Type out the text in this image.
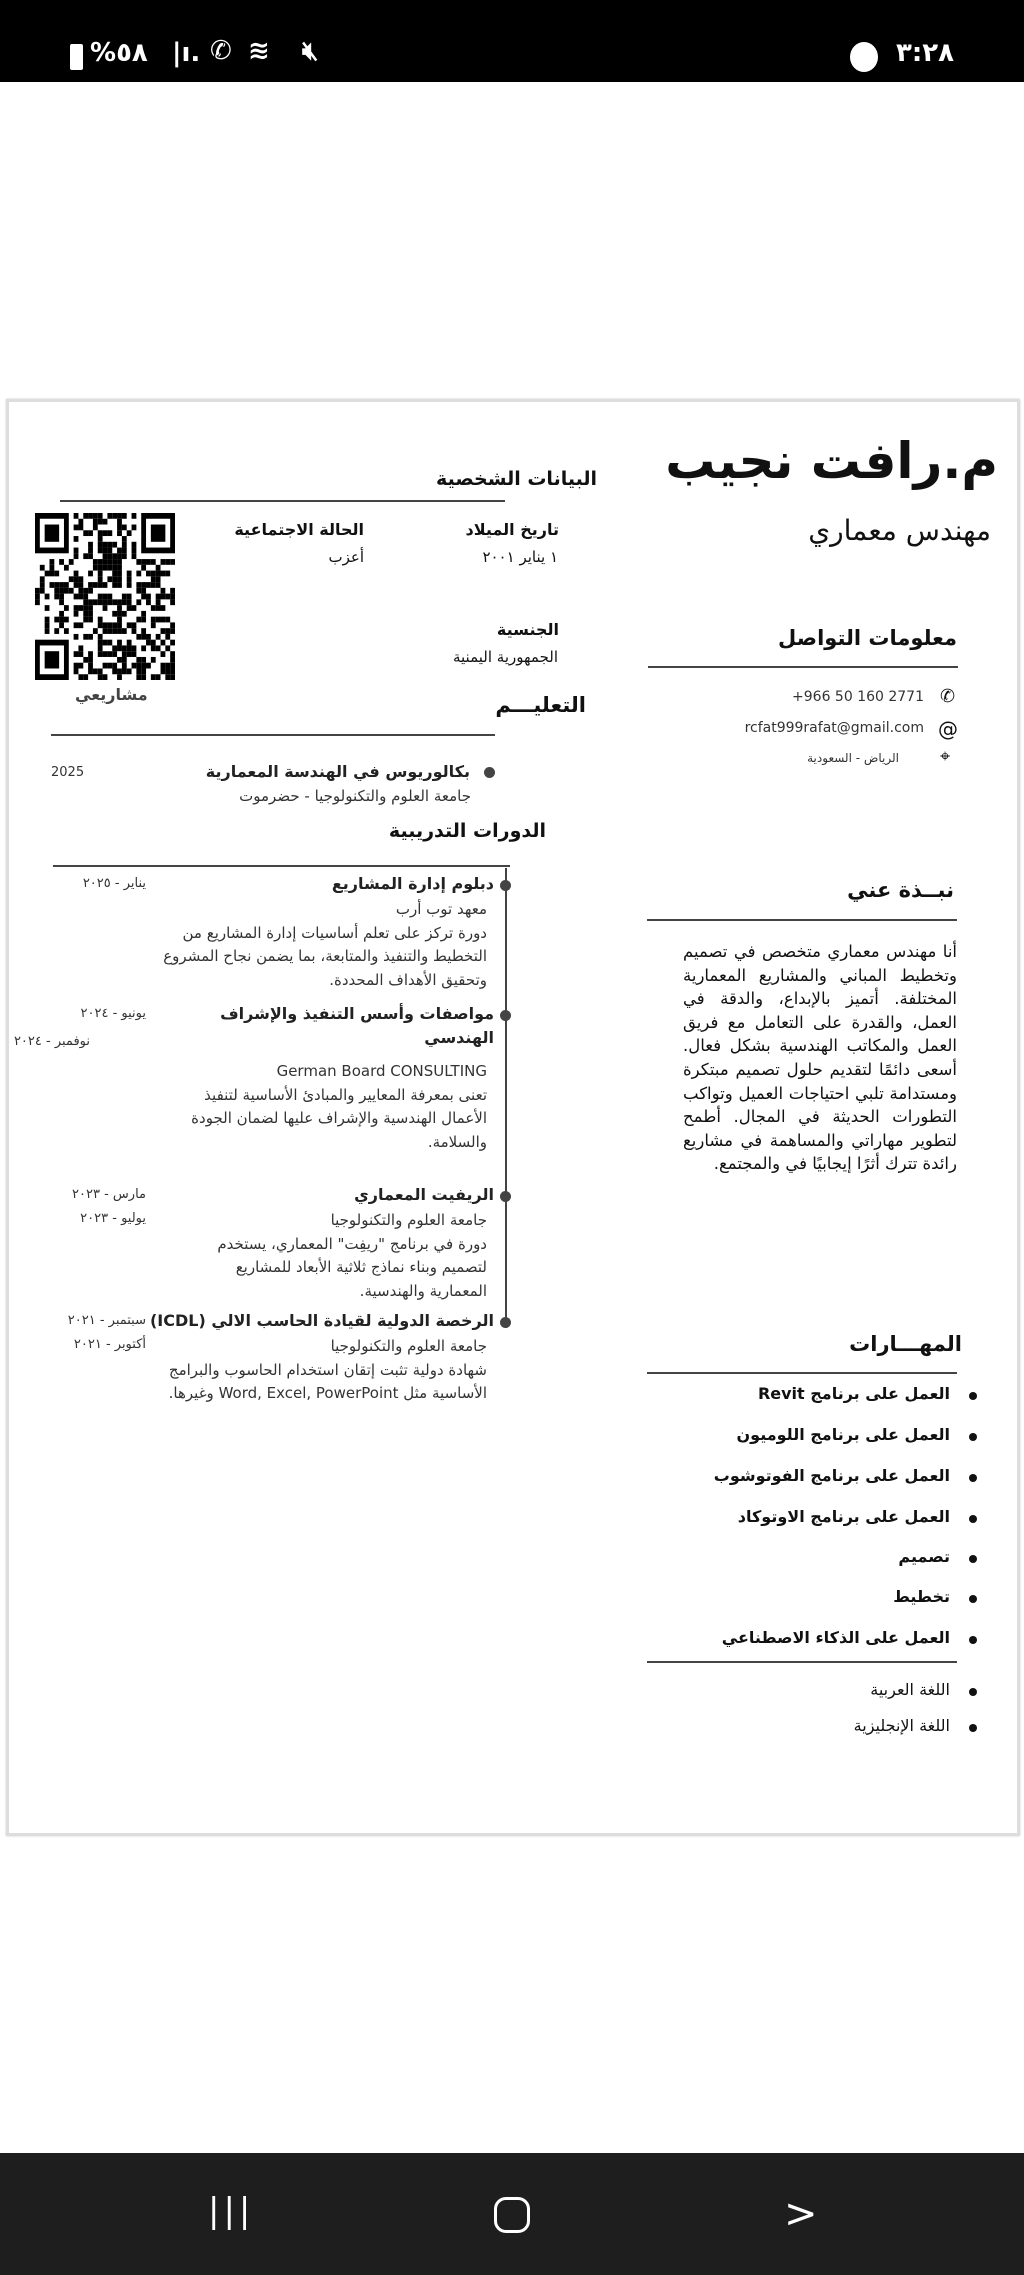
%٥٨ |ı. ✆ ≋ 🔇︎	٣:٢٨
م.رافت نجيب
مهندس معماري
معلومات التواصل
✆
+966 50 160 2771
@
rcfat999rafat@gmail.com
⌖
الرياض - السعودية
نبــذة عني
أنا مهندس معماري متخصص في تصميم وتخطيط المباني والمشاريع المعمارية المختلفة. أتميز بالإبداع، والدقة في العمل، والقدرة على التعامل مع فريق العمل والمكاتب الهندسية بشكل فعال. أسعى دائمًا لتقديم حلول تصميم مبتكرة ومستدامة تلبي احتياجات العميل وتواكب التطورات الحديثة في المجال. أطمح لتطوير مهاراتي والمساهمة في مشاريع رائدة تترك أثرًا إيجابيًا في والمجتمع.
المهـــارات
العمل على برنامج Revit
العمل على برنامج اللوميون
العمل على برنامج الفوتوشوب
العمل على برنامج الاوتوكاد
تصميم
تخطيط
العمل على الذكاء الاصطناعي
اللغة العربية
اللغة الإنجليزية
البيانات الشخصية
مشاريعي
تاريخ الميلاد
١ يناير ٢٠٠١
الحالة الاجتماعية
أعزب
الجنسية
الجمهورية اليمنية
التعليـــم
بكالوريوس في الهندسة المعمارية
جامعة العلوم والتكنولوجيا - حضرموت
2025
الدورات التدريبية
دبلوم إدارة المشاريع
معهد توب أرب
دورة تركز على تعلم أساسيات إدارة المشاريع من
التخطيط والتنفيذ والمتابعة، بما يضمن نجاح المشروع
وتحقيق الأهداف المحددة.
يناير - ٢٠٢٥
مواصفات وأسس التنفيذ والإشراف
الهندسي
German Board CONSULTING
تعنى بمعرفة المعايير والمبادئ الأساسية لتنفيذ
الأعمال الهندسية والإشراف عليها لضمان الجودة
والسلامة.
يونيو - ٢٠٢٤
نوفمبر - ٢٠٢٤
الريفيت المعماري
جامعة العلوم والتكنولوجيا
دورة في برنامج "ريفِت" المعماري، يستخدم
لتصميم وبناء نماذج ثلاثية الأبعاد للمشاريع
المعمارية والهندسية.
مارس - ٢٠٢٣
يوليو - ٢٠٢٣
الرخصة الدولية لقيادة الحاسب الالي (ICDL)
جامعة العلوم والتكنولوجيا
شهادة دولية تثبت إتقان استخدام الحاسوب والبرامج
الأساسية مثل Word, Excel, PowerPoint وغيرها.
سبتمبر - ٢٠٢١
أكتوبر - ٢٠٢١
|||	>
